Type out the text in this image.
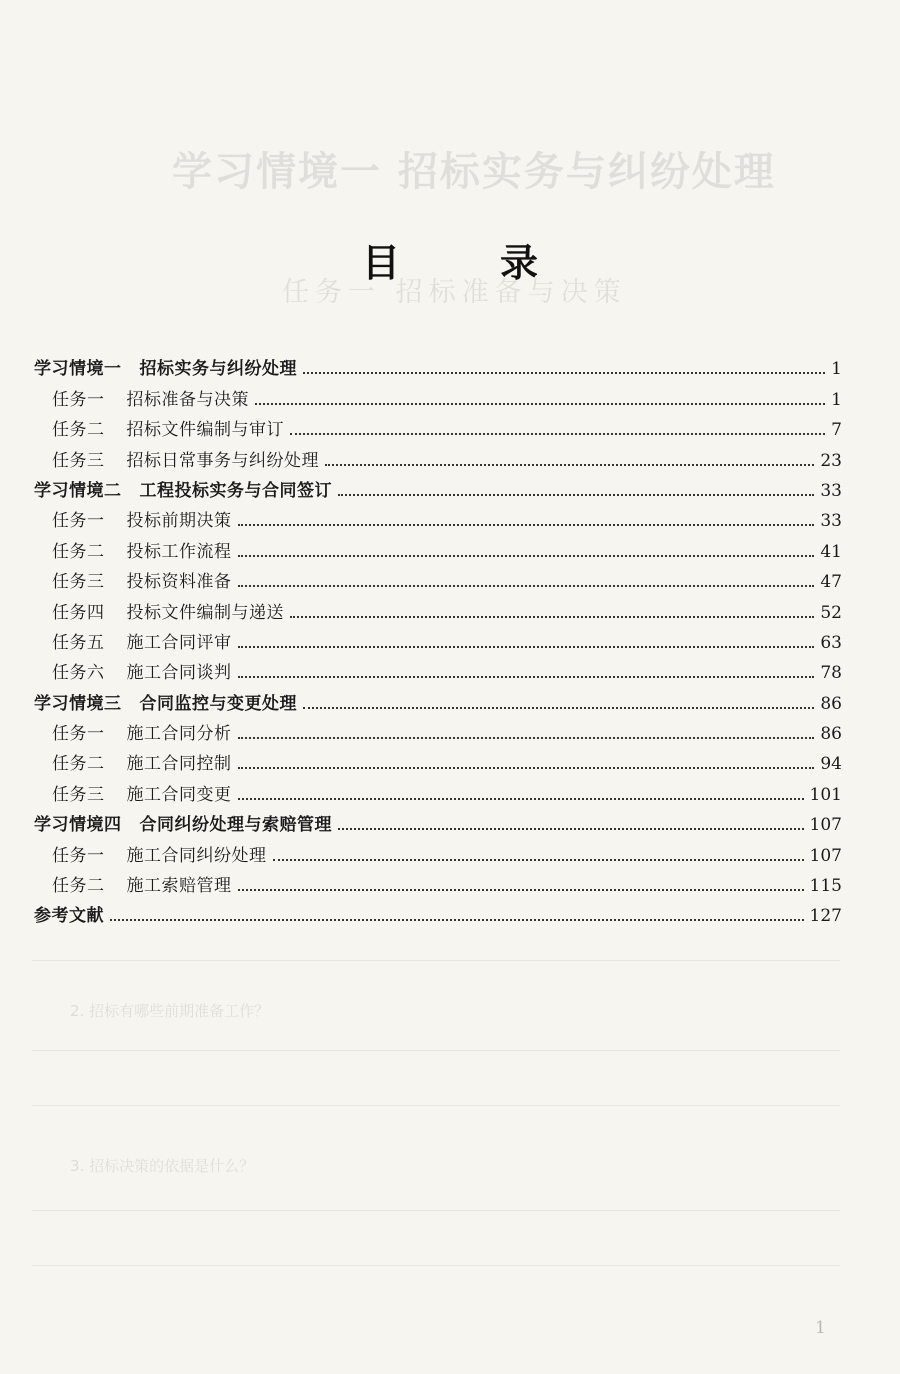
学习情境一 招标实务与纠纷处理
任务一 招标准备与决策
2. 招标有哪些前期准备工作？
3. 招标决策的依据是什么？
1
目录
学习情境一 招标实务与纠纷处理	1
任务一 招标准备与决策	1
任务二 招标文件编制与审订	7
任务三 招标日常事务与纠纷处理	23
学习情境二 工程投标实务与合同签订	33
任务一 投标前期决策	33
任务二 投标工作流程	41
任务三 投标资料准备	47
任务四 投标文件编制与递送	52
任务五 施工合同评审	63
任务六 施工合同谈判	78
学习情境三 合同监控与变更处理	86
任务一 施工合同分析	86
任务二 施工合同控制	94
任务三 施工合同变更	101
学习情境四 合同纠纷处理与索赔管理	107
任务一 施工合同纠纷处理	107
任务二 施工索赔管理	115
参考文献	127
